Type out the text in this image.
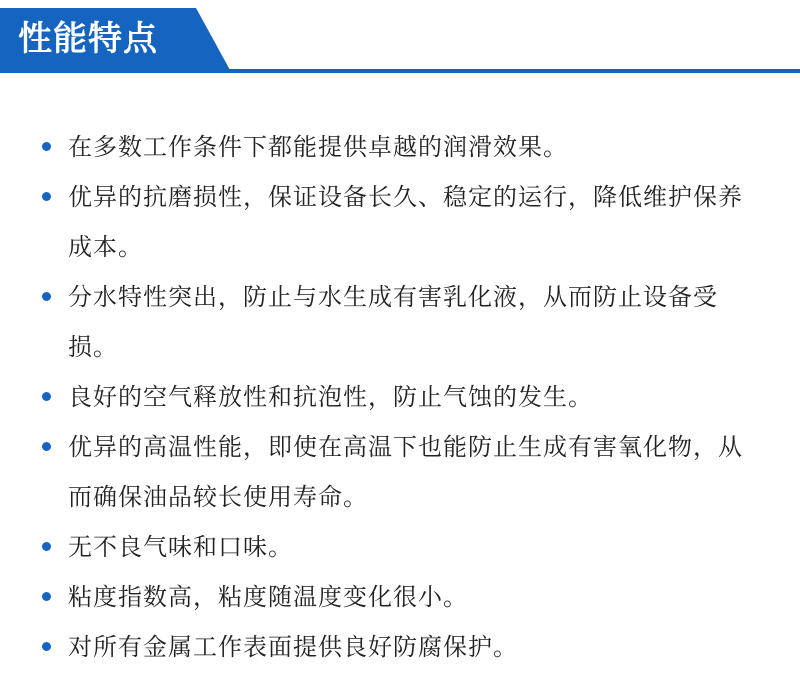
性能特点
在多数工作条件下都能提供卓越的润滑效果。
优异的抗磨损性，保证设备长久、稳定的运行，降低维护保养成本。
分水特性突出，防止与水生成有害乳化液，从而防止设备受损。
良好的空气释放性和抗泡性，防止气蚀的发生。
优异的高温性能，即使在高温下也能防止生成有害氧化物，从而确保油品较长使用寿命。
无不良气味和口味。
粘度指数高，粘度随温度变化很小。
对所有金属工作表面提供良好防腐保护。
